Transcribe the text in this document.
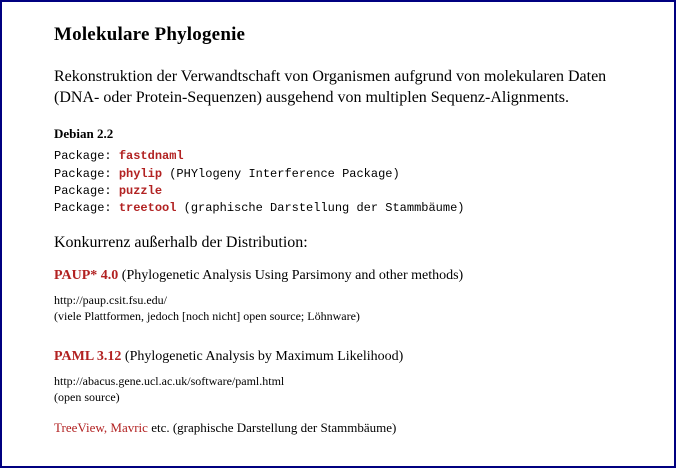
Molekulare Phylogenie

Rekonstruktion der Verwandtschaft von Organismen aufgrund von molekularen Daten (DNA- oder Protein-Sequenzen) ausgehend von multiplen Sequenz-Alignments.

Debian 2.2
Package: fastdnaml
Package: phylip (PHYlogeny Interference Package)
Package: puzzle
Package: treetool (graphische Darstellung der Stammbäume)
Konkurrenz außerhalb der Distribution:
PAUP* 4.0 (Phylogenetic Analysis Using Parsimony and other methods)
http://paup.csit.fsu.edu/
(viele Plattformen, jedoch [noch nicht] open source; Löhnware)
PAML 3.12 (Phylogenetic Analysis by Maximum Likelihood)
http://abacus.gene.ucl.ac.uk/software/paml.html
(open source)
TreeView, Mavric etc. (graphische Darstellung der Stammbäume)
